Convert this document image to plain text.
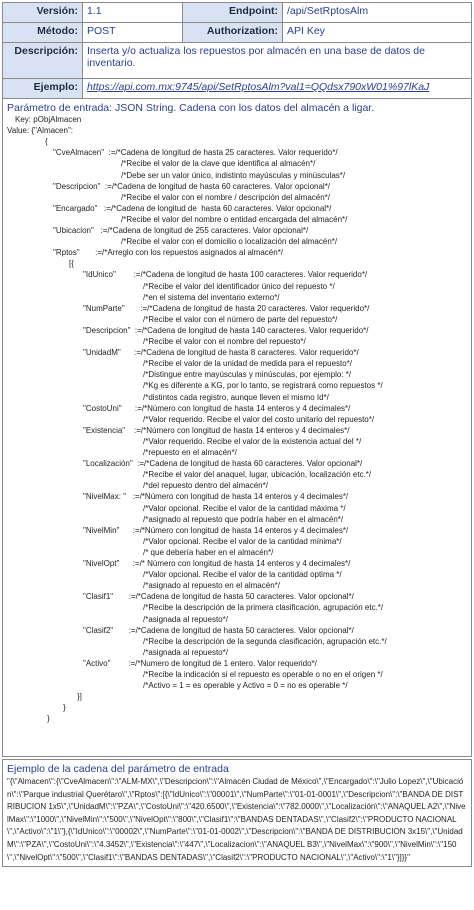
Versión:	1.1	Endpoint:	/api/SetRptosAlm
Método:	POST	Authorization:	API Key
Descripción:	Inserta y/o actualiza los repuestos por almacén en una base de datos de inventario.		
Ejemplo:	https://api.com.mx:9745/api/SetRptosAlm?val1=QQdsx790xW01%97lKaJ		
Parámetro de entrada: JSON String. Cadena con los datos del almacén a ligar.
Key: pObjAlmacen
Value: {"Almacen":
{
"CveAlmacen"  :=/*Cadena de longitud de hasta 25 caracteres. Valor requerido*/
/*Recibe el valor de la clave que identifica al almacén*/
/*Debe ser un valor único, indistinto mayúsculas y minúsculas*/
"Descripcion"  :=/*Cadena de longitud de hasta 60 caracteres. Valor opcional*/
/*Recibe el valor con el nombre / descripción del almacén*/
"Encargado"   :=/*Cadena de longitud de  hasta 60 caracteres. Valor opcional*/
/*Recibe el valor del nombre o entidad encargada del almacén*/
"Ubicacion"   :=/*Cadena de longitud de 255 caracteres. Valor opcional*/
/*Recibe el valor con el domicilio o localización del almacén*/
"Rptos"       :=/*Arreglo con los repuestos asignados al almacén*/
[{
"IdUnico"        :=/*Cadena de longitud de hasta 100 caracteres. Valor requerido*/
/*Recibe el valor del identificador único del repuesto */
/*en el sistema del inventario externo*/
"NumParte"       :=/*Cadena de longitud de hasta 20 caracteres. Valor requerido*/
/*Recibe el valor con el número de parte del repuesto*/
"Descripcion"  :=/*Cadena de longitud de hasta 140 caracteres. Valor requerido*/
/*Recibe el valor con el nombre del repuesto*/
"UnidadM"      :=/*Cadena de longitud de hasta 8 caracteres. Valor requerido*/
/*Recibe el valor de la unidad de medida para el repuesto*/
/*Distingue entre mayúsculas y minúsculas, por ejemplo: */
/*Kg es diferente a KG, por lo tanto, se registrará como repuestos */
/*distintos cada registro, aunque lleven el mismo Id*/
"CostoUni"      :=/*Número con longitud de hasta 14 enteros y 4 decimales*/
/*Valor requerido. Recibe el valor del costo unitario del repuesto*/
"Existencia"    :=/*Número con longitud de hasta 14 enteros y 4 decimales*/
/*Valor requerido. Recibe el valor de la existencia actual del */
/*repuesto en el almacén*/
"Localización"  :=/*Cadena de longitud de hasta 60 caracteres. Valor opcional*/
/*Recibe el valor del anaquel, lugar, ubicación, localización etc.*/
/*del repuesto dentro del almacén*/
"NivelMax: "   :=/*Número con longitud de hasta 14 enteros y 4 decimales*/
/*Valor opcional. Recibe el valor de la cantidad máxima */
/*asignado al repuesto que podría haber en el almacén*/
"NivelMin"      :=/*Número con longitud de hasta 14 enteros y 4 decimales*/
/*Valor opcional. Recibe el valor de la cantidad mínima*/
/* que debería haber en el almacén*/
"NivelOpt"      :=/* Número con longitud de hasta 14 enteros y 4 decimales*/
/*Valor opcional. Recibe el valor de la cantidad optima */
/*asignado al repuesto en el almacén*/
"Clasif1"       :=/*Cadena de longitud de hasta 50 caracteres. Valor opcional*/
/*Recibe la descripción de la primera clasificación, agrupación etc.*/
/*asignada al repuesto*/
"Clasif2"       :=/*Cadena de longitud de hasta 50 caracteres. Valor opcional*/
/*Recibe la descripción de la segunda clasificación, agrupación etc.*/
/*asignada al repuesto*/
"Activo"        :=/*Numero de longitud de 1 entero. Valor requerido*/
/*Recibe la indicación si el repuesto es operable o no en el origen */
/*Activo = 1 = es operable y Activo = 0 = no es operable */
}]
}
}
Ejemplo de la cadena del parámetro de entrada
"{\"Almacen\":{\"CveAlmacen\":\"ALM-MX\",\"Descripcion\":\"Almacén Ciudad de México\",\"Encargado\":\"Julio Lopez\",\"Ubicación\":\"Parque industrial Querétaro\",\"Rptos\":[{\"IdUnico\":\"00001\",\"NumParte\":\"01-01-0001\",\"Descripcion\":\"BANDA DE DISTRIBUCION 1x5\",\"UnidadM\":\"PZA\",\"CostoUni\":\"420.6500\",\"Existencia\":\"782.0000\",\"Localización\":\"ANAQUEL A2\",\"NivelMax\":\"1000\",\"NivelMin\":\"500\",\"NivelOpt\":\"800\",\"Clasif1\":\"BANDAS DENTADAS\",\"Clasif2\":\"PRODUCTO NACIONAL\",\"Activo\":\"1\"},{\"IdUnico\":\"00002\",\"NumParte\":\"01-01-0002\",\"Descripcion\":\"BANDA DE DISTRIBUCION 3x15\",\"UnidadM\":\"PZA\",\"CostoUni\":\"4.3452\",\"Existencia\":\"447\",\"Localizacion\":\"ANAQUEL B3\",\"NivelMax\":\"900\",\"NivelMin\":\"150\",\"NivelOpt\":\"500\",\"Clasif1\":\"BANDAS DENTADAS\",\"Clasif2\":\"PRODUCTO NACIONAL\",\"Activo\":\"1\"}]}}"
